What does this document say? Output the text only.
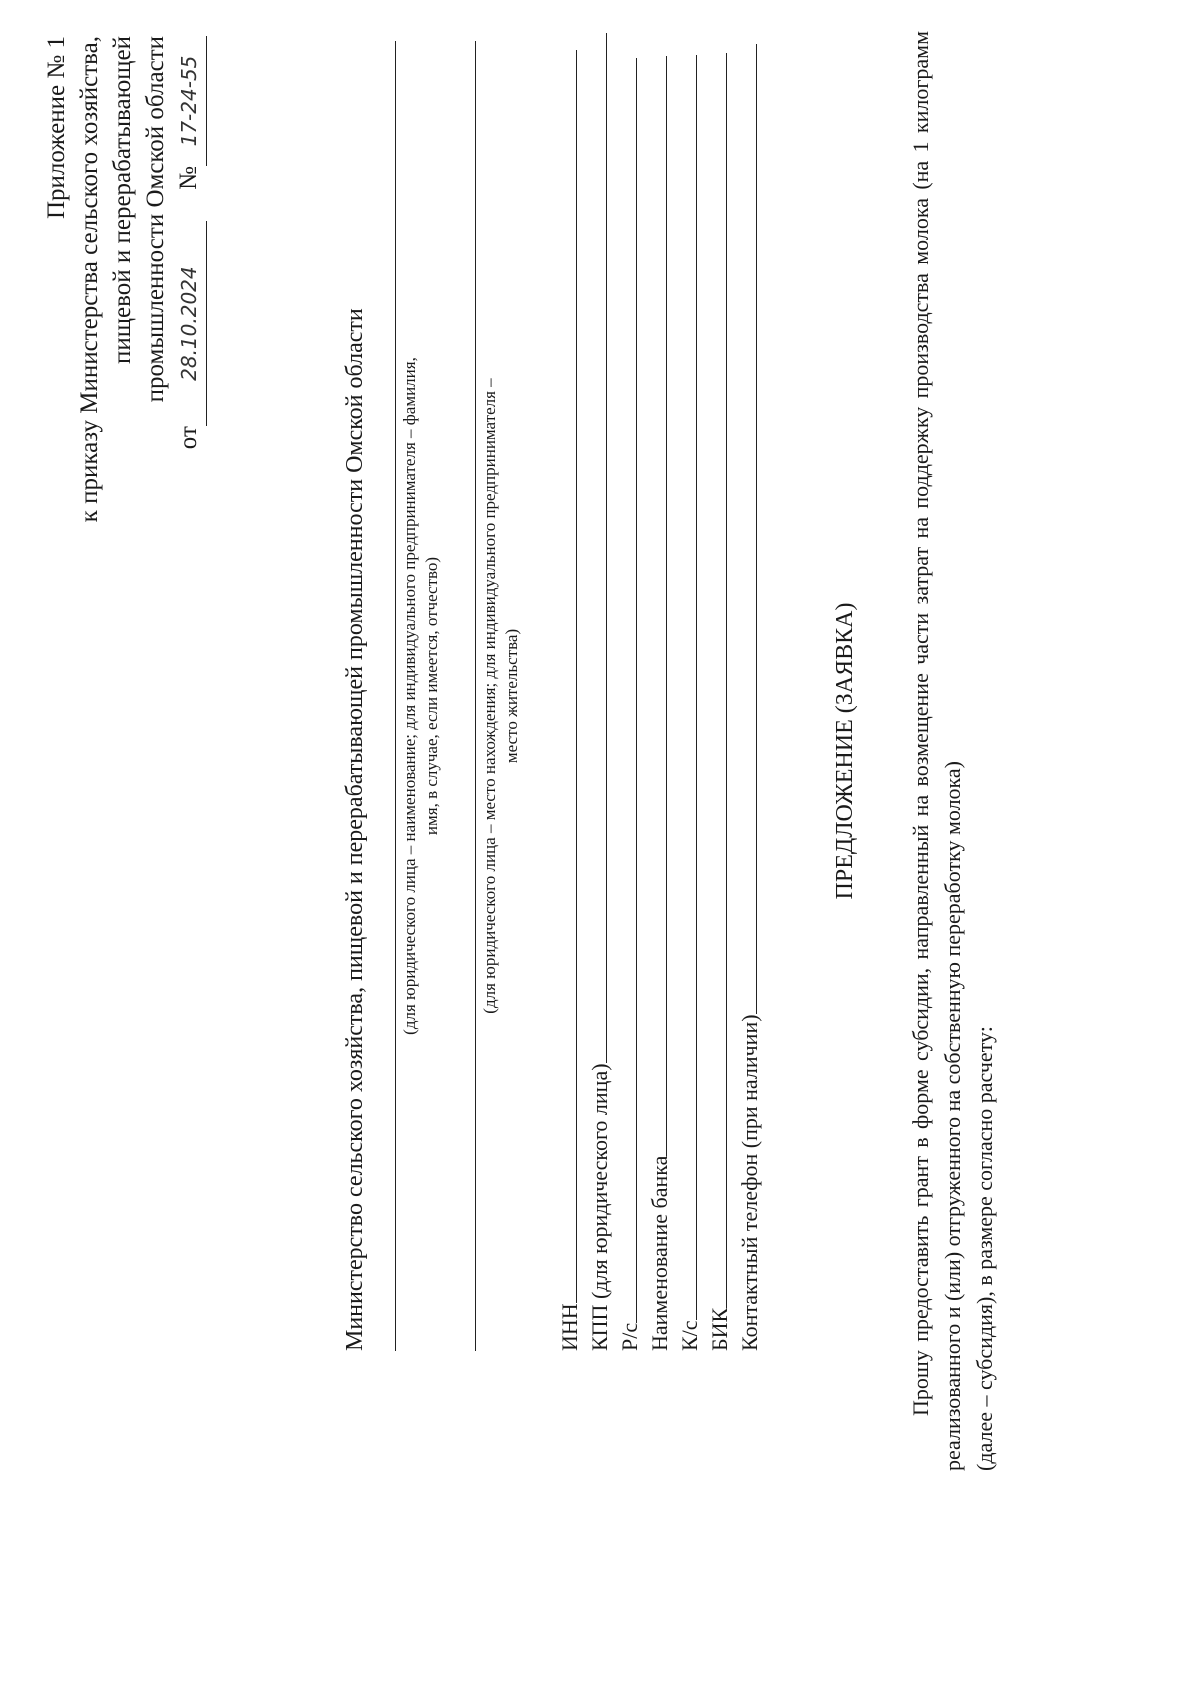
Приложение № 1 к приказу Министерства сельского хозяйства, пищевой и перерабатывающей промышленности Омской области
от28.10.2024     №17-24-55
Министерство сельского хозяйства, пищевой и перерабатывающей промышленности Омской области (для юридического лица – наименование; для индивидуального предпринимателя – фамилия, имя, в случае, если имеется, отчество) (для юридического лица – место нахождения; для индивидуального предпринимателя – место жительства)
ИНН КПП (для юридического лица) Р/с Наименование банка К/с БИК Контактный телефон (при наличии)
ПРЕДЛОЖЕНИЕ (ЗАЯВКА) Прошу предоставить грант в форме субсидии, направленный на возмещение части затрат на поддержку производства молока (на 1 килограмм реализованного и (или) отгруженного на собственную переработку молока) (далее – субсидия), в размере согласно расчету:
